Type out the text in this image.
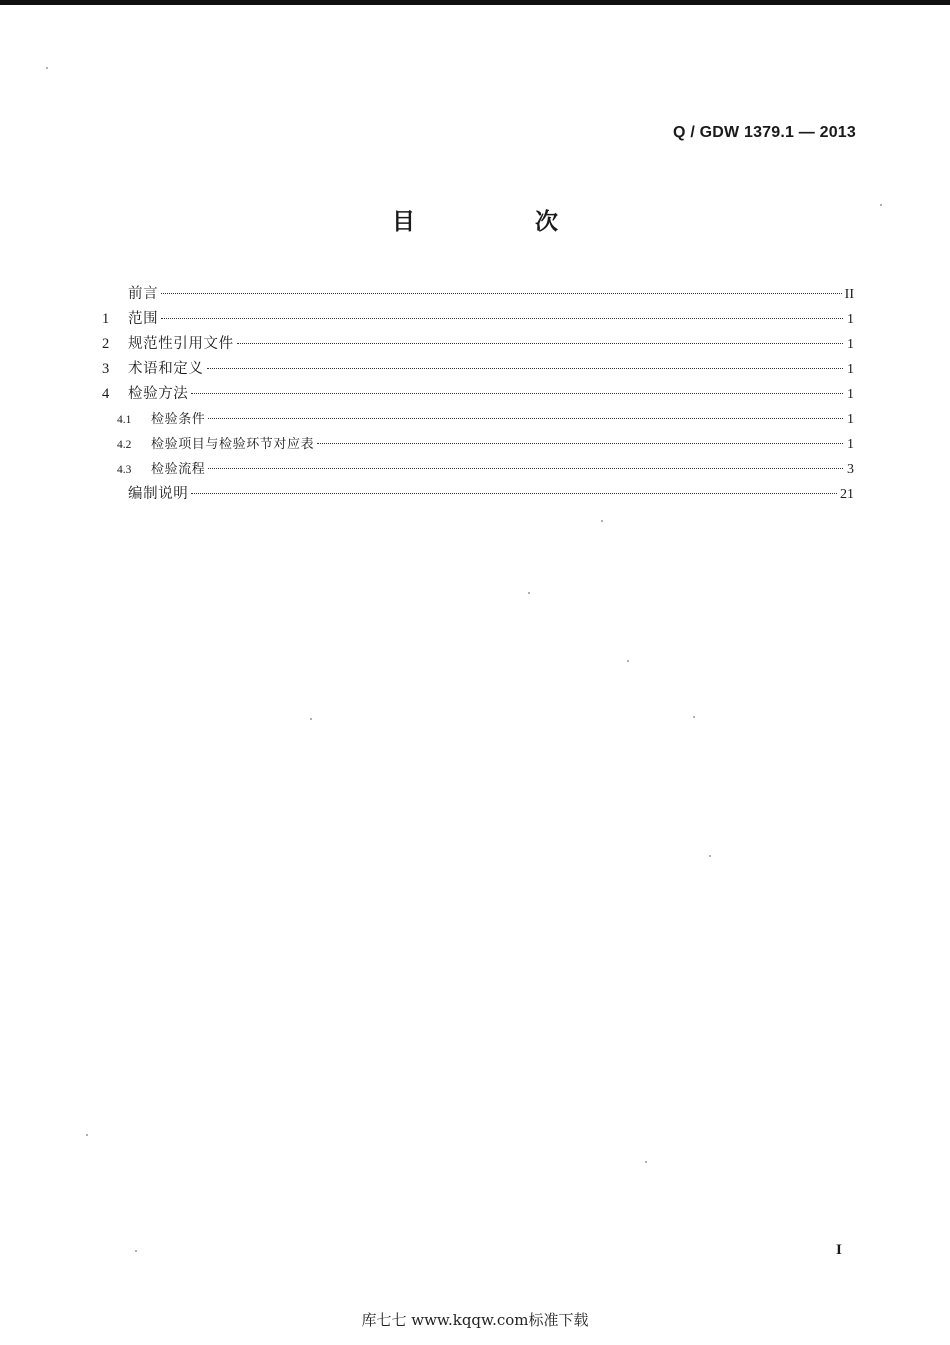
Q / GDW 1379.1 — 2013
目 次
前言	II
1	范围	1
2	规范性引用文件	1
3	术语和定义	1
4	检验方法	1
4.1	检验条件	1
4.2	检验项目与检验环节对应表	1
4.3	检验流程	3
编制说明	21
I
库七七 www.kqqw.com标准下载
